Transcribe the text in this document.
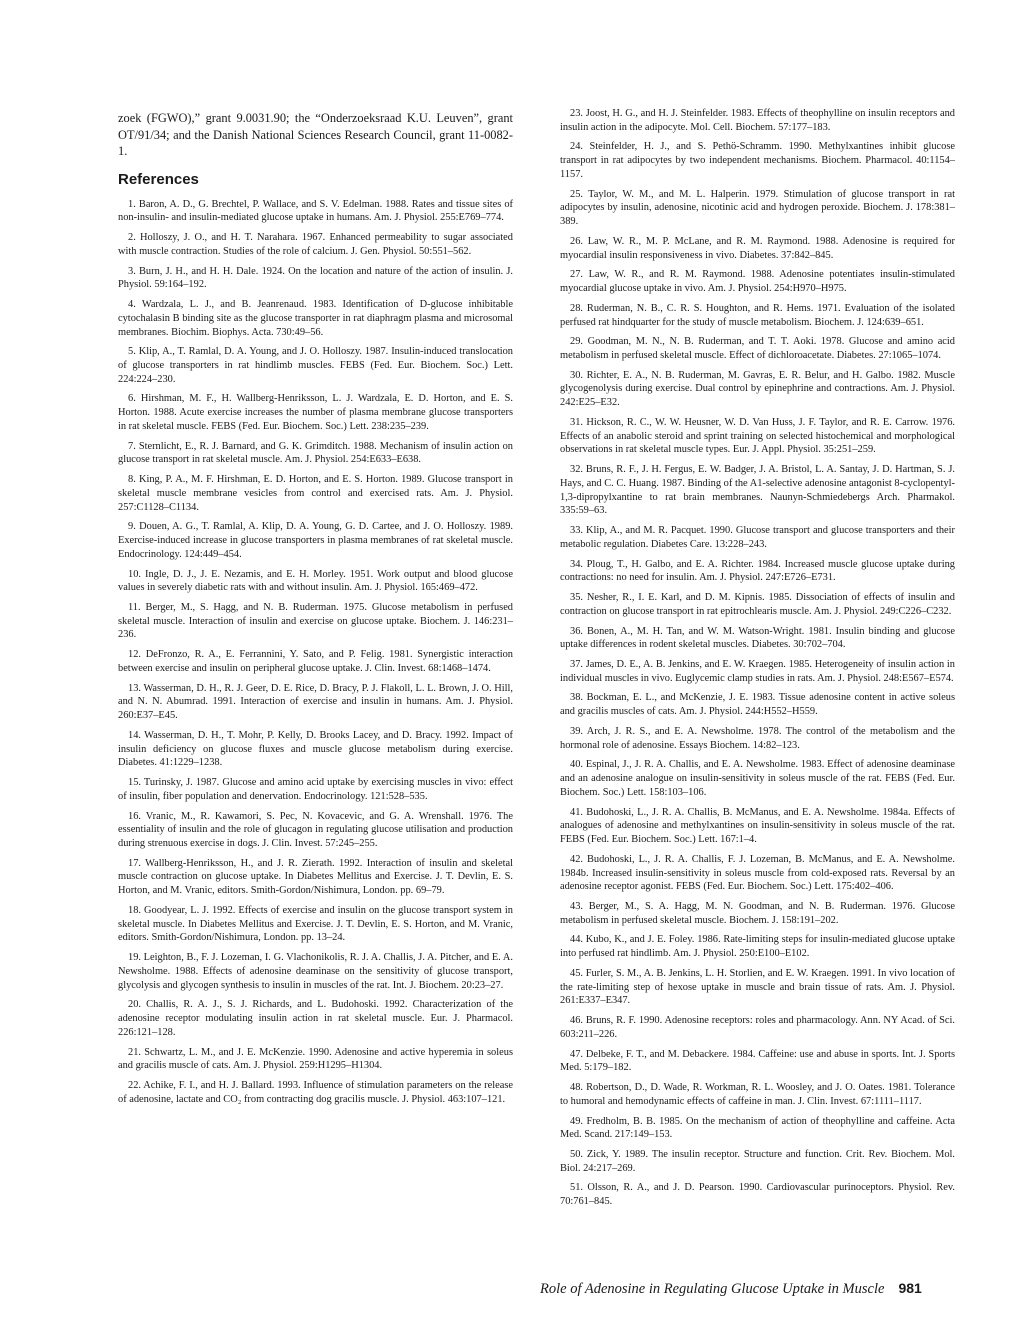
zoek (FGWO),” grant 9.0031.90; the “Onderzoeksraad K.U. Leuven”, grant OT/91/34; and the Danish National Sciences Research Council, grant 11-0082-1.

References

1. Baron, A. D., G. Brechtel, P. Wallace, and S. V. Edelman. 1988. Rates and tissue sites of non-insulin- and insulin-mediated glucose uptake in humans. Am. J. Physiol. 255:E769–774.

2. Holloszy, J. O., and H. T. Narahara. 1967. Enhanced permeability to sugar associated with muscle contraction. Studies of the role of calcium. J. Gen. Physiol. 50:551–562.

3. Burn, J. H., and H. H. Dale. 1924. On the location and nature of the action of insulin. J. Physiol. 59:164–192.

4. Wardzala, L. J., and B. Jeanrenaud. 1983. Identification of D-glucose inhibitable cytochalasin B binding site as the glucose transporter in rat diaphragm plasma and microsomal membranes. Biochim. Biophys. Acta. 730:49–56.

5. Klip, A., T. Ramlal, D. A. Young, and J. O. Holloszy. 1987. Insulin-induced translocation of glucose transporters in rat hindlimb muscles. FEBS (Fed. Eur. Biochem. Soc.) Lett. 224:224–230.

6. Hirshman, M. F., H. Wallberg-Henriksson, L. J. Wardzala, E. D. Horton, and E. S. Horton. 1988. Acute exercise increases the number of plasma membrane glucose transporters in rat skeletal muscle. FEBS (Fed. Eur. Biochem. Soc.) Lett. 238:235–239.

7. Sternlicht, E., R. J. Barnard, and G. K. Grimditch. 1988. Mechanism of insulin action on glucose transport in rat skeletal muscle. Am. J. Physiol. 254:E633–E638.

8. King, P. A., M. F. Hirshman, E. D. Horton, and E. S. Horton. 1989. Glucose transport in skeletal muscle membrane vesicles from control and exercised rats. Am. J. Physiol. 257:C1128–C1134.

9. Douen, A. G., T. Ramlal, A. Klip, D. A. Young, G. D. Cartee, and J. O. Holloszy. 1989. Exercise-induced increase in glucose transporters in plasma membranes of rat skeletal muscle. Endocrinology. 124:449–454.

10. Ingle, D. J., J. E. Nezamis, and E. H. Morley. 1951. Work output and blood glucose values in severely diabetic rats with and without insulin. Am. J. Physiol. 165:469–472.

11. Berger, M., S. Hagg, and N. B. Ruderman. 1975. Glucose metabolism in perfused skeletal muscle. Interaction of insulin and exercise on glucose uptake. Biochem. J. 146:231–236.

12. DeFronzo, R. A., E. Ferrannini, Y. Sato, and P. Felig. 1981. Synergistic interaction between exercise and insulin on peripheral glucose uptake. J. Clin. Invest. 68:1468–1474.

13. Wasserman, D. H., R. J. Geer, D. E. Rice, D. Bracy, P. J. Flakoll, L. L. Brown, J. O. Hill, and N. N. Abumrad. 1991. Interaction of exercise and insulin in humans. Am. J. Physiol. 260:E37–E45.

14. Wasserman, D. H., T. Mohr, P. Kelly, D. Brooks Lacey, and D. Bracy. 1992. Impact of insulin deficiency on glucose fluxes and muscle glucose metabolism during exercise. Diabetes. 41:1229–1238.

15. Turinsky, J. 1987. Glucose and amino acid uptake by exercising muscles in vivo: effect of insulin, fiber population and denervation. Endocrinology. 121:528–535.

16. Vranic, M., R. Kawamori, S. Pec, N. Kovacevic, and G. A. Wrenshall. 1976. The essentiality of insulin and the role of glucagon in regulating glucose utilisation and production during strenuous exercise in dogs. J. Clin. Invest. 57:245–255.

17. Wallberg-Henriksson, H., and J. R. Zierath. 1992. Interaction of insulin and skeletal muscle contraction on glucose uptake. In Diabetes Mellitus and Exercise. J. T. Devlin, E. S. Horton, and M. Vranic, editors. Smith-Gordon/Nishimura, London. pp. 69–79.

18. Goodyear, L. J. 1992. Effects of exercise and insulin on the glucose transport system in skeletal muscle. In Diabetes Mellitus and Exercise. J. T. Devlin, E. S. Horton, and M. Vranic, editors. Smith-Gordon/Nishimura, London. pp. 13–24.

19. Leighton, B., F. J. Lozeman, I. G. Vlachonikolis, R. J. A. Challis, J. A. Pitcher, and E. A. Newsholme. 1988. Effects of adenosine deaminase on the sensitivity of glucose transport, glycolysis and glycogen synthesis to insulin in muscles of the rat. Int. J. Biochem. 20:23–27.

20. Challis, R. A. J., S. J. Richards, and L. Budohoski. 1992. Characterization of the adenosine receptor modulating insulin action in rat skeletal muscle. Eur. J. Pharmacol. 226:121–128.

21. Schwartz, L. M., and J. E. McKenzie. 1990. Adenosine and active hyperemia in soleus and gracilis muscle of cats. Am. J. Physiol. 259:H1295–H1304.

22. Achike, F. I., and H. J. Ballard. 1993. Influence of stimulation parameters on the release of adenosine, lactate and CO₂ from contracting dog gracilis muscle. J. Physiol. 463:107–121.

23. Joost, H. G., and H. J. Steinfelder. 1983. Effects of theophylline on insulin receptors and insulin action in the adipocyte. Mol. Cell. Biochem. 57:177–183.

24. Steinfelder, H. J., and S. Pethö-Schramm. 1990. Methylxantines inhibit glucose transport in rat adipocytes by two independent mechanisms. Biochem. Pharmacol. 40:1154–1157.

25. Taylor, W. M., and M. L. Halperin. 1979. Stimulation of glucose transport in rat adipocytes by insulin, adenosine, nicotinic acid and hydrogen peroxide. Biochem. J. 178:381–389.

26. Law, W. R., M. P. McLane, and R. M. Raymond. 1988. Adenosine is required for myocardial insulin responsiveness in vivo. Diabetes. 37:842–845.

27. Law, W. R., and R. M. Raymond. 1988. Adenosine potentiates insulin-stimulated myocardial glucose uptake in vivo. Am. J. Physiol. 254:H970–H975.

28. Ruderman, N. B., C. R. S. Houghton, and R. Hems. 1971. Evaluation of the isolated perfused rat hindquarter for the study of muscle metabolism. Biochem. J. 124:639–651.

29. Goodman, M. N., N. B. Ruderman, and T. T. Aoki. 1978. Glucose and amino acid metabolism in perfused skeletal muscle. Effect of dichloroacetate. Diabetes. 27:1065–1074.

30. Richter, E. A., N. B. Ruderman, M. Gavras, E. R. Belur, and H. Galbo. 1982. Muscle glycogenolysis during exercise. Dual control by epinephrine and contractions. Am. J. Physiol. 242:E25–E32.

31. Hickson, R. C., W. W. Heusner, W. D. Van Huss, J. F. Taylor, and R. E. Carrow. 1976. Effects of an anabolic steroid and sprint training on selected histochemical and morphological observations in rat skeletal muscle types. Eur. J. Appl. Physiol. 35:251–259.

32. Bruns, R. F., J. H. Fergus, E. W. Badger, J. A. Bristol, L. A. Santay, J. D. Hartman, S. J. Hays, and C. C. Huang. 1987. Binding of the A1-selective adenosine antagonist 8-cyclopentyl-1,3-dipropylxantine to rat brain membranes. Naunyn-Schmiedebergs Arch. Pharmakol. 335:59–63.

33. Klip, A., and M. R. Pacquet. 1990. Glucose transport and glucose transporters and their metabolic regulation. Diabetes Care. 13:228–243.

34. Ploug, T., H. Galbo, and E. A. Richter. 1984. Increased muscle glucose uptake during contractions: no need for insulin. Am. J. Physiol. 247:E726–E731.

35. Nesher, R., I. E. Karl, and D. M. Kipnis. 1985. Dissociation of effects of insulin and contraction on glucose transport in rat epitrochlearis muscle. Am. J. Physiol. 249:C226–C232.

36. Bonen, A., M. H. Tan, and W. M. Watson-Wright. 1981. Insulin binding and glucose uptake differences in rodent skeletal muscles. Diabetes. 30:702–704.

37. James, D. E., A. B. Jenkins, and E. W. Kraegen. 1985. Heterogeneity of insulin action in individual muscles in vivo. Euglycemic clamp studies in rats. Am. J. Physiol. 248:E567–E574.

38. Bockman, E. L., and McKenzie, J. E. 1983. Tissue adenosine content in active soleus and gracilis muscles of cats. Am. J. Physiol. 244:H552–H559.

39. Arch, J. R. S., and E. A. Newsholme. 1978. The control of the metabolism and the hormonal role of adenosine. Essays Biochem. 14:82–123.

40. Espinal, J., J. R. A. Challis, and E. A. Newsholme. 1983. Effect of adenosine deaminase and an adenosine analogue on insulin-sensitivity in soleus muscle of the rat. FEBS (Fed. Eur. Biochem. Soc.) Lett. 158:103–106.

41. Budohoski, L., J. R. A. Challis, B. McManus, and E. A. Newsholme. 1984a. Effects of analogues of adenosine and methylxantines on insulin-sensitivity in soleus muscle of the rat. FEBS (Fed. Eur. Biochem. Soc.) Lett. 167:1–4.

42. Budohoski, L., J. R. A. Challis, F. J. Lozeman, B. McManus, and E. A. Newsholme. 1984b. Increased insulin-sensitivity in soleus muscle from cold-exposed rats. Reversal by an adenosine receptor agonist. FEBS (Fed. Eur. Biochem. Soc.) Lett. 175:402–406.

43. Berger, M., S. A. Hagg, M. N. Goodman, and N. B. Ruderman. 1976. Glucose metabolism in perfused skeletal muscle. Biochem. J. 158:191–202.

44. Kubo, K., and J. E. Foley. 1986. Rate-limiting steps for insulin-mediated glucose uptake into perfused rat hindlimb. Am. J. Physiol. 250:E100–E102.

45. Furler, S. M., A. B. Jenkins, L. H. Storlien, and E. W. Kraegen. 1991. In vivo location of the rate-limiting step of hexose uptake in muscle and brain tissue of rats. Am. J. Physiol. 261:E337–E347.

46. Bruns, R. F. 1990. Adenosine receptors: roles and pharmacology. Ann. NY Acad. of Sci. 603:211–226.

47. Delbeke, F. T., and M. Debackere. 1984. Caffeine: use and abuse in sports. Int. J. Sports Med. 5:179–182.

48. Robertson, D., D. Wade, R. Workman, R. L. Woosley, and J. O. Oates. 1981. Tolerance to humoral and hemodynamic effects of caffeine in man. J. Clin. Invest. 67:1111–1117.

49. Fredholm, B. B. 1985. On the mechanism of action of theophylline and caffeine. Acta Med. Scand. 217:149–153.

50. Zick, Y. 1989. The insulin receptor. Structure and function. Crit. Rev. Biochem. Mol. Biol. 24:217–269.

51. Olsson, R. A., and J. D. Pearson. 1990. Cardiovascular purinoceptors. Physiol. Rev. 70:761–845.

Role of Adenosine in Regulating Glucose Uptake in Muscle 981
